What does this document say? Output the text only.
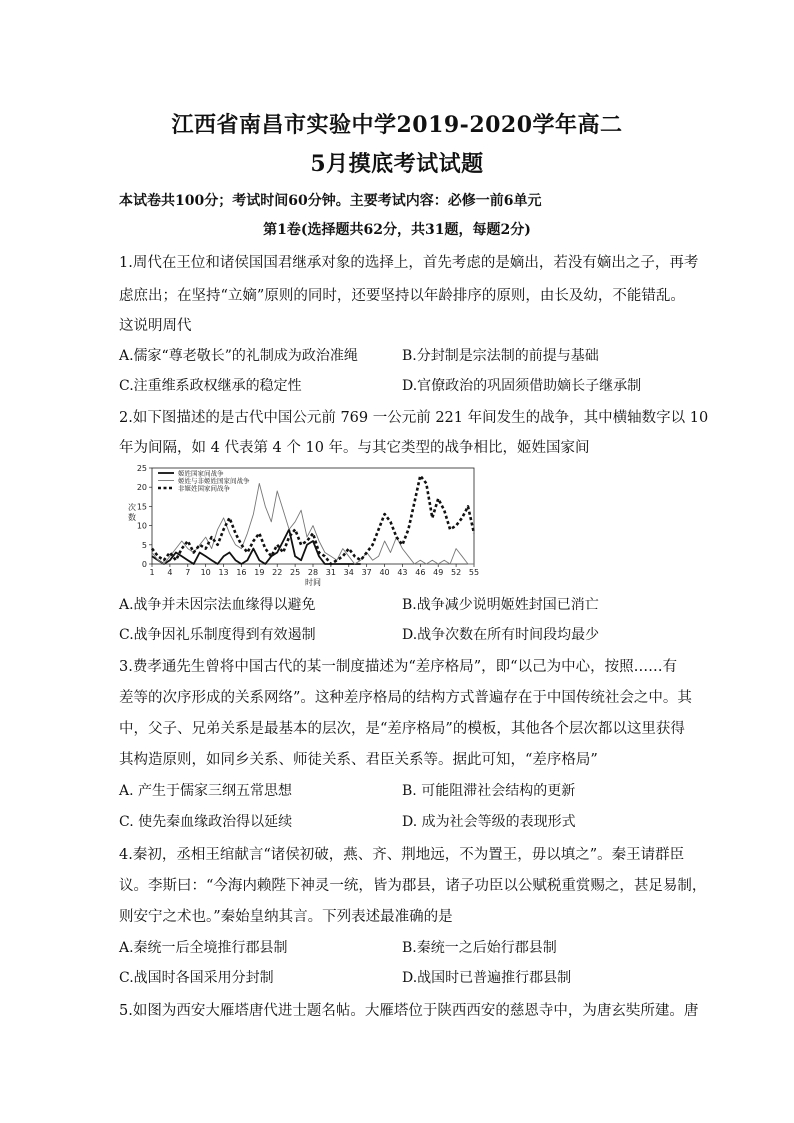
江西省南昌市实验中学2019-2020学年高二
5月摸底考试试题
本试卷共100分；考试时间60分钟。主要考试内容：必修一前6单元
第1卷(选择题共62分，共31题，每题2分)
1.周代在王位和诸侯国国君继承对象的选择上，首先考虑的是嫡出，若没有嫡出之子，再考
虑庶出；在坚持“立嫡”原则的同时，还要坚持以年龄排序的原则，由长及幼，不能错乱。
这说明周代
A.儒家“尊老敬长”的礼制成为政治准绳	B.分封制是宗法制的前提与基础
C.注重维系政权继承的稳定性	D.官僚政治的巩固须借助嫡长子继承制
2.如下图描述的是古代中国公元前 769 一公元前 221 年间发生的战争，其中横轴数字以 10
年为间隔，如 4 代表第 4 个 10 年。与其它类型的战争相比，姬姓国家间
0
5
10
15
20
25
1 4 7 10 13 16 19 22 25 28 31 34 37 40 43 46 49 52 55
时间
次
数
姬姓国家间战争
姬姓与非姬姓国家间战争
非姬姓国家间战争
A.战争并未因宗法血缘得以避免	B.战争减少说明姬姓封国已消亡
C.战争因礼乐制度得到有效遏制	D.战争次数在所有时间段均最少
3.费孝通先生曾将中国古代的某一制度描述为“差序格局”，即“以己为中心，按照……有
差等的次序形成的关系网络”。这种差序格局的结构方式普遍存在于中国传统社会之中。其
中，父子、兄弟关系是最基本的层次，是“差序格局”的模板，其他各个层次都以这里获得
其构造原则，如同乡关系、师徒关系、君臣关系等。据此可知，“差序格局”
A. 产生于儒家三纲五常思想	B. 可能阻滞社会结构的更新
C. 使先秦血缘政治得以延续	D. 成为社会等级的表现形式
4.秦初，丞相王绾献言“诸侯初破，燕、齐、荆地远，不为置王，毋以填之”。秦王请群臣
议。李斯曰：“今海内赖陛下神灵一统，皆为郡县，诸子功臣以公赋税重赏赐之，甚足易制，
则安宁之术也。”秦始皇纳其言。下列表述最准确的是
A.秦统一后全境推行郡县制	B.秦统一之后始行郡县制
C.战国时各国采用分封制	D.战国时已普遍推行郡县制
5.如图为西安大雁塔唐代进士题名帖。大雁塔位于陕西西安的慈恩寺中，为唐玄奘所建。唐
